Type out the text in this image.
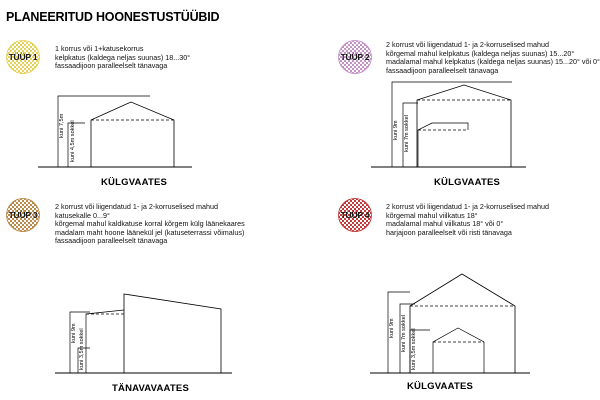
PLANEERITUD HOONESTUSTÜÜBID
TÜÜP 1
1 korrus või 1+katusekorrus
kelpkatus (kaldega neljas suunas) 18...30°
fassaadijoon paralleelselt tänavaga
KÜLGVAATES
TÜÜP 2
2 korrust või liigendatud 1- ja 2-korruselised mahud
kõrgemal mahul kelpkatus (kaldega neljas suunas) 15...20°
madalamal mahul kelpkatus (kaldega neljas suunas) 15...20° või 0°
fassaadijoon paralleelselt tänavaga
KÜLGVAATES
TÜÜP 3
2 korrust või liigendatud 1- ja 2-korruselised mahud
katusekalle 0...9°
kõrgemal mahul kaldkatuse korral kõrgem külg läänekaares
madalam maht hoone läänekül jel (katuseterrassi võimalus)
fassaadijoon paralleelselt tänavaga
TÄNAVAVAATES
TÜÜP 4
2 korrust või liigendatud 1- ja 2-korruselised mahud
kõrgemal mahul viilkatus 18°
madalamal mahul viilkatus 18° või 0°
harjajoon paralleelselt või risti tänavaga
KÜLGVAATES
kuni 7,5m kuni 4,5m sokkel	kuni 9m kuni 7m sokkel
kuni 9m kuni 3,5m sokkel
kuni 9m kuni 7m sokkel kuni 3,5m sokkel
